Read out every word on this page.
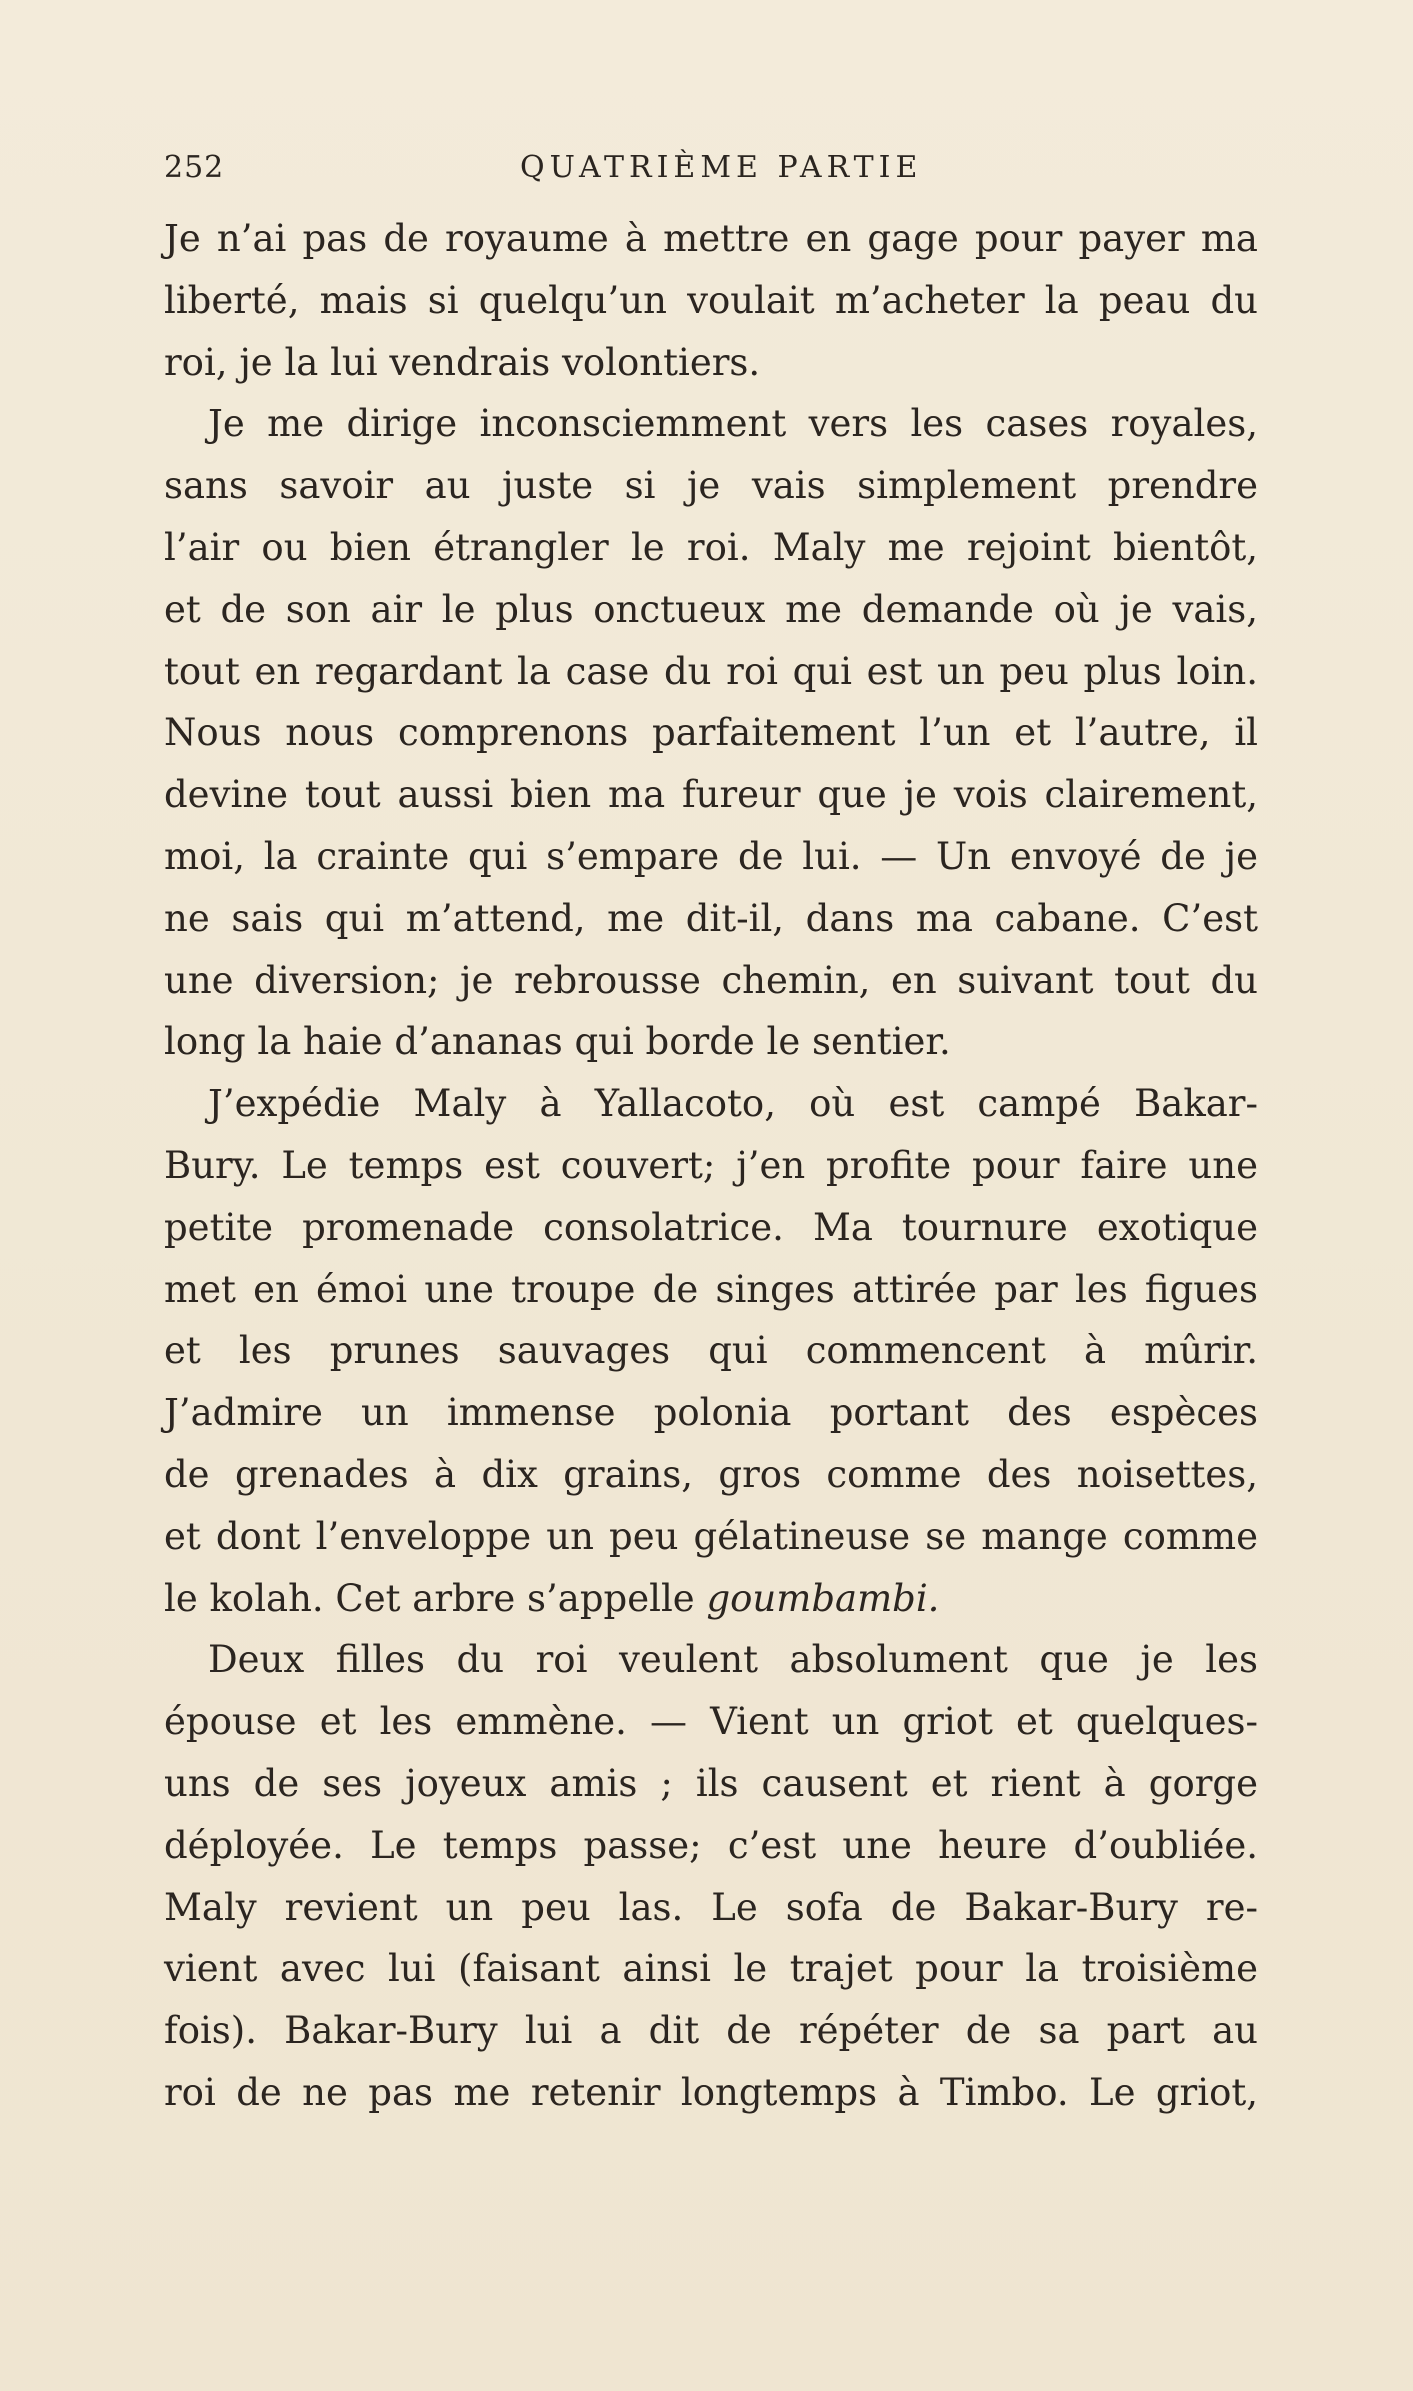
252	QUATRIÈME PARTIE
Je n’ai pas de royaume à mettre en gage pour payer ma
liberté, mais si quelqu’un voulait m’acheter la peau du
roi, je la lui vendrais volontiers.
Je me dirige inconsciemment vers les cases royales,
sans savoir au juste si je vais simplement prendre
l’air ou bien étrangler le roi. Maly me rejoint bientôt,
et de son air le plus onctueux me demande où je vais,
tout en regardant la case du roi qui est un peu plus loin.
Nous nous comprenons parfaitement l’un et l’autre, il
devine tout aussi bien ma fureur que je vois clairement,
moi, la crainte qui s’empare de lui. — Un envoyé de je
ne sais qui m’attend, me dit-il, dans ma cabane. C’est
une diversion; je rebrousse chemin, en suivant tout du
long la haie d’ananas qui borde le sentier.
J’expédie Maly à Yallacoto, où est campé Bakar-
Bury. Le temps est couvert; j’en profite pour faire une
petite promenade consolatrice. Ma tournure exotique
met en émoi une troupe de singes attirée par les figues
et les prunes sauvages qui commencent à mûrir.
J’admire un immense polonia portant des espèces
de grenades à dix grains, gros comme des noisettes,
et dont l’enveloppe un peu gélatineuse se mange comme
le kolah. Cet arbre s’appelle goumbambi.
Deux filles du roi veulent absolument que je les
épouse et les emmène. — Vient un griot et quelques-
uns de ses joyeux amis ; ils causent et rient à gorge
déployée. Le temps passe; c’est une heure d’oubliée.
Maly revient un peu las. Le sofa de Bakar-Bury re-
vient avec lui (faisant ainsi le trajet pour la troisième
fois). Bakar-Bury lui a dit de répéter de sa part au
roi de ne pas me retenir longtemps à Timbo. Le griot,
